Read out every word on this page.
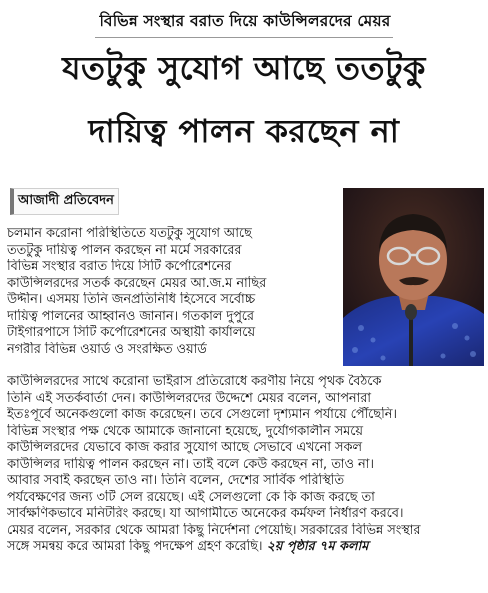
বিভিন্ন সংস্থার বরাত দিয়ে কাউন্সিলরদের মেয়র
যতটুকু সুযোগ আছে ততটুকু
দায়িত্ব পালন করছেন না
আজাদী প্রতিবেদন
চলমান করোনা পরিস্থিতিতে যতটুকু সুযোগ আছে
ততটুকু দায়িত্ব পালন করছেন না মর্মে সরকারের
বিভিন্ন সংস্থার বরাত দিয়ে সিটি কর্পোরেশনের
কাউন্সিলরদের সতর্ক করেছেন মেয়র আ.জ.ম নাছির
উদ্দীন। এসময় তিনি জনপ্রতিনিধি হিসেবে সর্বোচ্চ
দায়িত্ব পালনের আহ্বানও জানান। গতকাল দুপুরে
টাইগারপাসে সিটি কর্পোরেশনের অস্থায়ী কার্যালয়ে
নগরীর বিভিন্ন ওয়ার্ড ও সংরক্ষিত ওয়ার্ড
কাউন্সিলরদের সাথে করোনা ভাইরাস প্রতিরোধে করণীয় নিয়ে পৃথক বৈঠকে
তিনি এই সতর্কবার্তা দেন। কাউন্সিলরদের উদ্দেশে মেয়র বলেন, আপনারা
ইতঃপূর্বে অনেকগুলো কাজ করেছেন। তবে সেগুলো দৃশ্যমান পর্যায়ে পৌঁছেনি।
বিভিন্ন সংস্থার পক্ষ থেকে আমাকে জানানো হয়েছে, দুর্যোগকালীন সময়ে
কাউন্সিলরদের যেভাবে কাজ করার সুযোগ আছে সেভাবে এখনো সকল
কাউন্সিলর দায়িত্ব পালন করছেন না। তাই বলে কেউ করছেন না, তাও না।
আবার সবাই করছেন তাও না। তিনি বলেন, দেশের সার্বিক পরিস্থিতি
পর্যবেক্ষণের জন্য ৩টি সেল রয়েছে। এই সেলগুলো কে কি কাজ করছে তা
সার্বক্ষণিকভাবে মনিটরিং করছে। যা আগামীতে অনেকের কর্মফল নির্ধারণ করবে।
মেয়র বলেন, সরকার থেকে আমরা কিছু নির্দেশনা পেয়েছি। সরকারের বিভিন্ন সংস্থার
সঙ্গে সমন্বয় করে আমরা কিছু পদক্ষেপ গ্রহণ করেছি। ২য় পৃষ্ঠার ৭ম কলাম
